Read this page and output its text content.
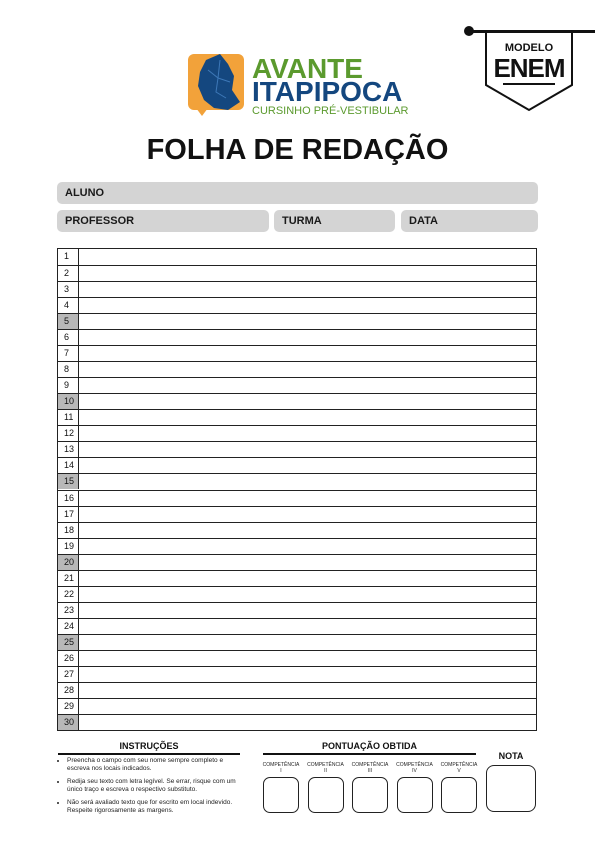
MODELO
ENEM
AVANTE
ITAPIPOCA
CURSINHO PRÉ-VESTIBULAR
FOLHA DE REDAÇÃO
ALUNO
PROFESSOR	TURMA	DATA
1
2
3
4
5
6
7
8
9
10
11
12
13
14
15
16
17
18
19
20
21
22
23
24
25
26
27
28
29
30
INSTRUÇÕES
• Preencha o campo com seu nome sempre completo e escreva nos locais indicados.
• Redija seu texto com letra legível. Se errar, risque com um único traço e escreva o respectivo substituto.
• Não será avaliado texto que for escrito em local indevido. Respeite rigorosamente as margens.
PONTUAÇÃO OBTIDA
COMPETÊNCIA
I
COMPETÊNCIA
II
COMPETÊNCIA
III
COMPETÊNCIA
IV
COMPETÊNCIA
V
NOTA
